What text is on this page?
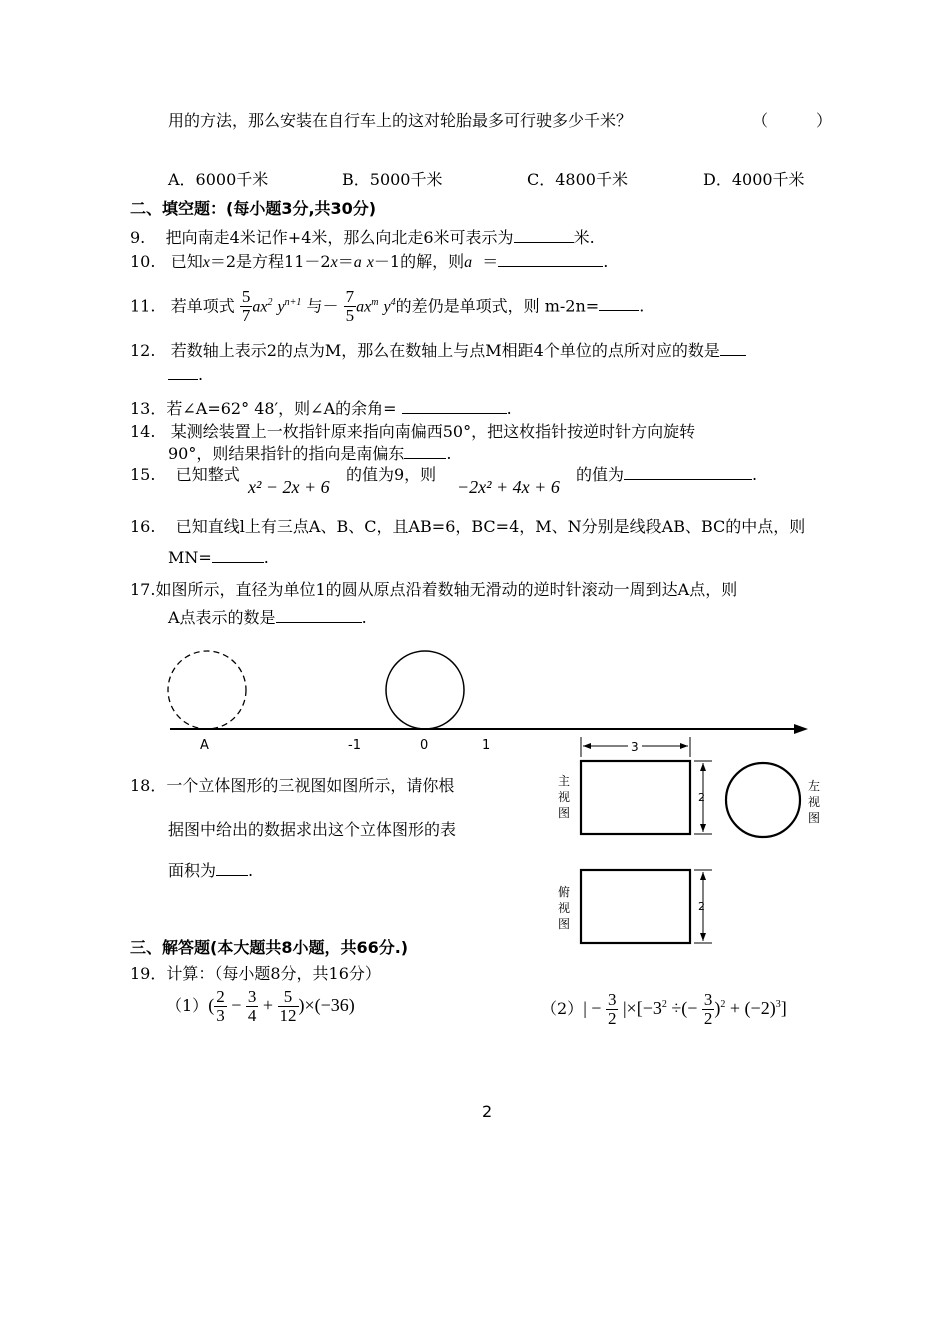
用的方法，那么安装在自行车上的这对轮胎最多可行驶多少千米？	（　　　）
A．6000千米	B．5000千米	C．4800千米	D．4000千米
二、填空题：(每小题3分,共30分)
9. 把向南走4米记作+4米，那么向北走6米可表示为	米.
10. 已知x＝2是方程11－2x＝a x－1的解，则a ＝	.
11. 若单项式 $\frac{5}{7} ax^2$ $y^{n+1}$ 与－ $\frac{7}{5} ax^m$ $y^4$的差仍是单项式，则 m-2n=	.
12. 若数轴上表示2的点为M，那么在数轴上与点M相距4个单位的点所对应的数是
.
13．若∠A=62° 48′，则∠A的余角=	.
14. 某测绘装置上一枚指针原来指向南偏西50°，把这枚指针按逆时针方向旋转
90°，则结果指针的指向是南偏东	.
15. 已知整式
x² − 2x + 6
的值为9，则
−2x² + 4x + 6
的值为	.
16. 已知直线l上有三点A、B、C，且AB=6，BC=4，M、N分别是线段AB、BC的中点，则
MN=	.
17.如图所示，直径为单位1的圆从原点沿着数轴无滑动的逆时针滚动一周到达A点，则
A点表示的数是	.
A	-1	0	1
18．一个立体图形的三视图如图所示，请你根
据图中给出的数据求出这个立体图形的表
面积为 .
3
2
2
主视图
左视图
俯视图
三、解答题(本大题共8小题，共66分.)
19．计算：（每小题8分，共16分）
$(1)( \frac{2}{3} - \frac{3}{4} + \frac{5}{12} )\times(-36)$	$(2)| - \frac{3}{2} |\times[-3^2$ ÷(− $\frac{3}{2} )^2 + (-2)^3$]
2
